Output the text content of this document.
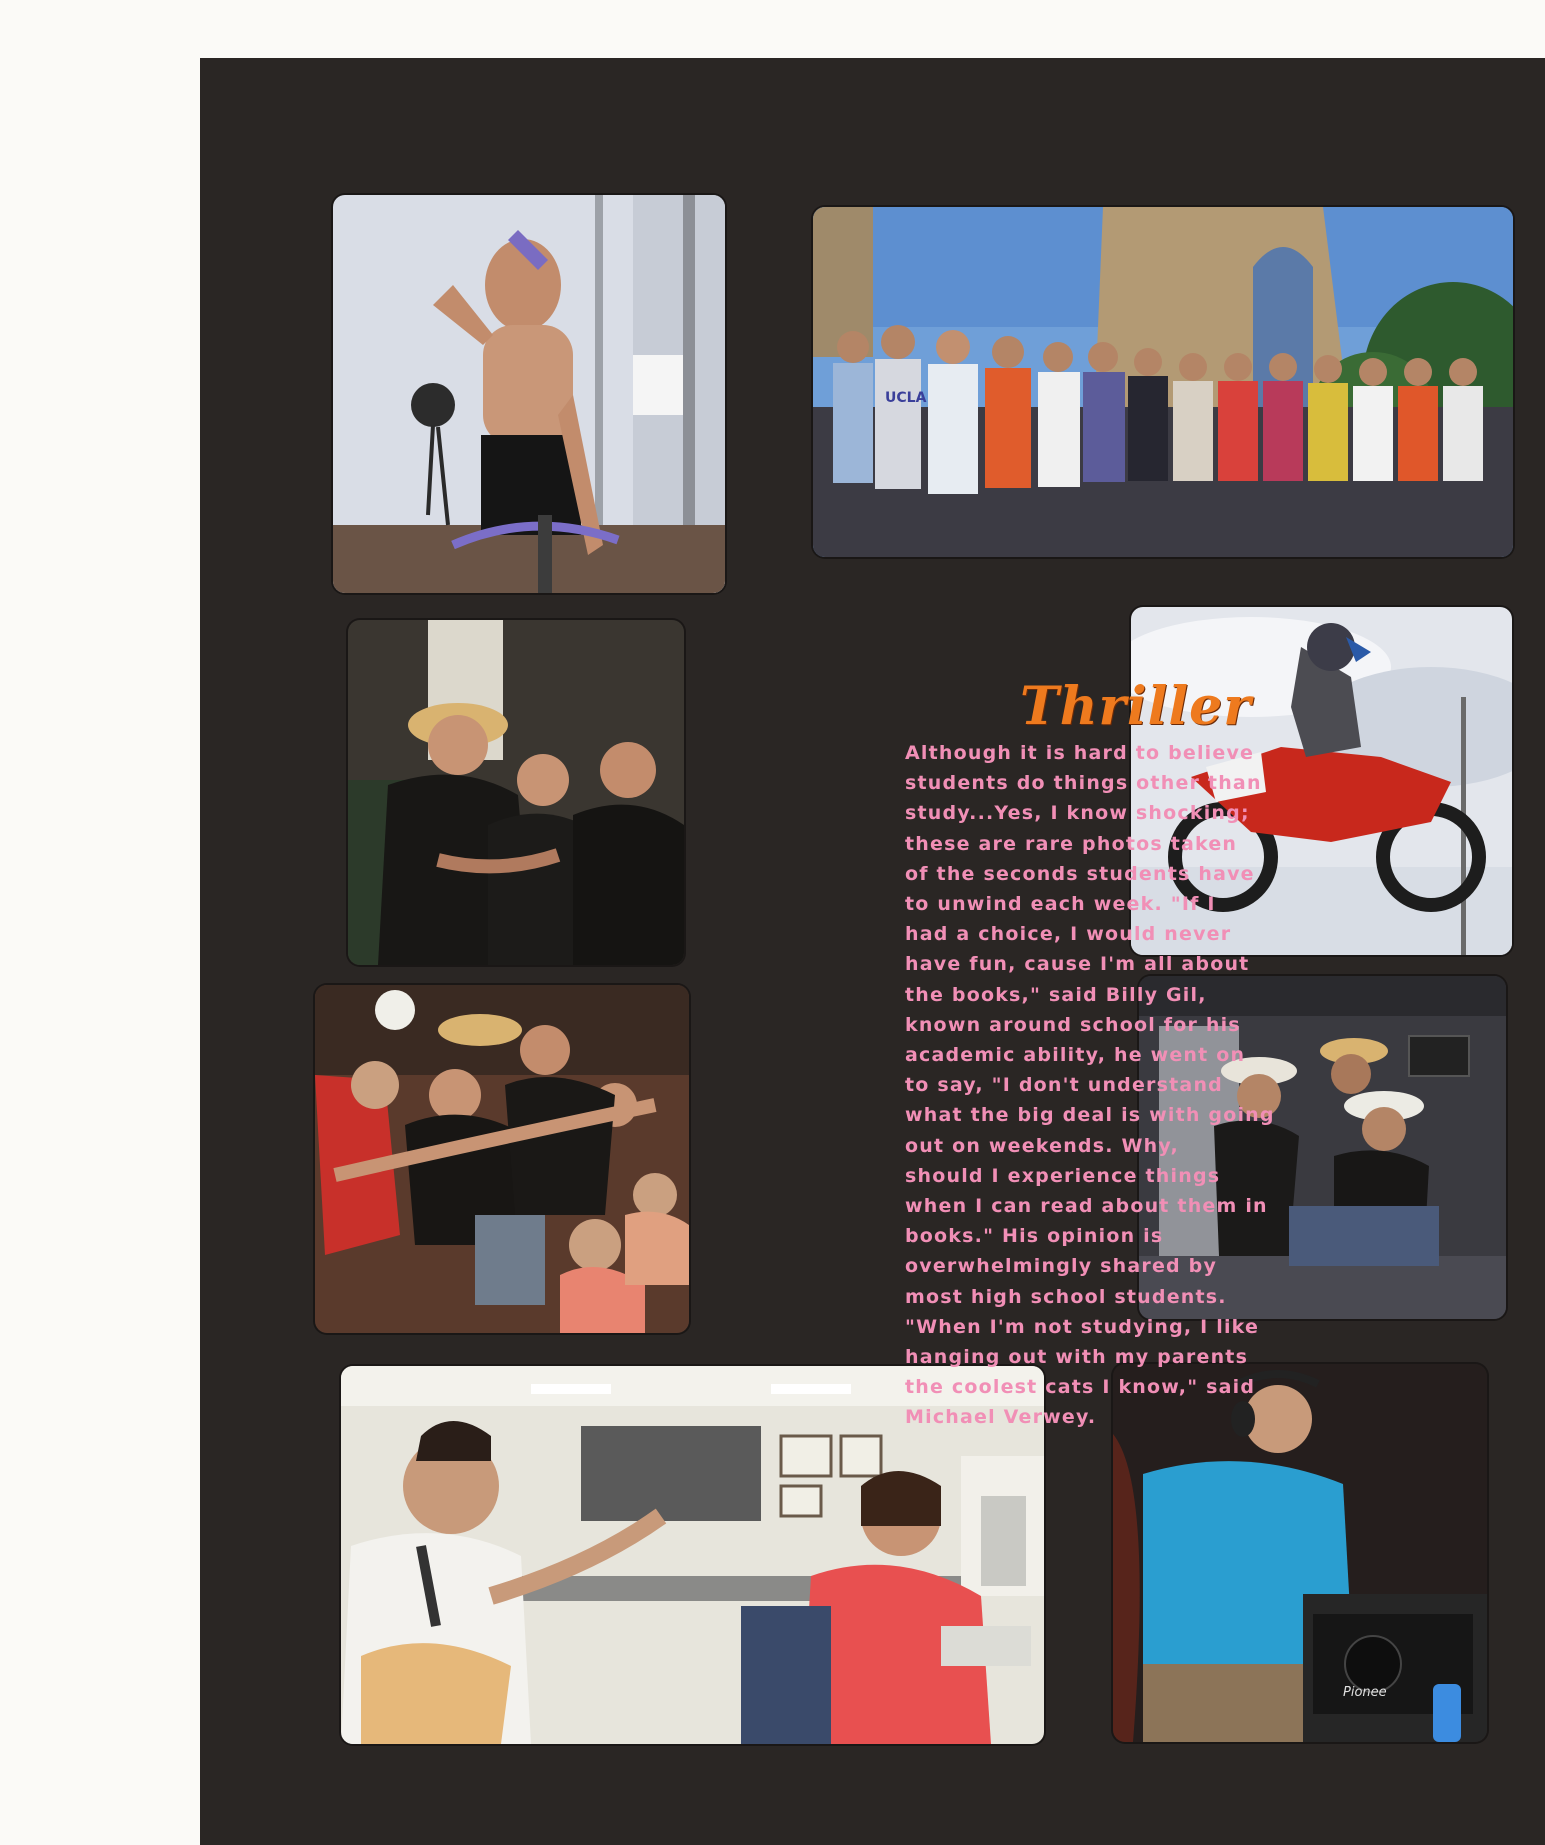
UCLA
Pionee
Thriller
Although it is hard to believe
students do things other than
study...Yes, I know shocking;
these are rare photos taken
of the seconds students have
to unwind each week. "If I
had a choice, I would never
have fun, cause I'm all about
the books," said Billy Gil,
known around school for his
academic ability, he went on
to say, "I don't understand
what the big deal is with going
out on weekends. Why,
should I experience things
when I can read about them in
books." His opinion is
overwhelmingly shared by
most high school students.
"When I'm not studying, I like
hanging out with my parents
the coolest cats I know," said
Michael Verwey.
